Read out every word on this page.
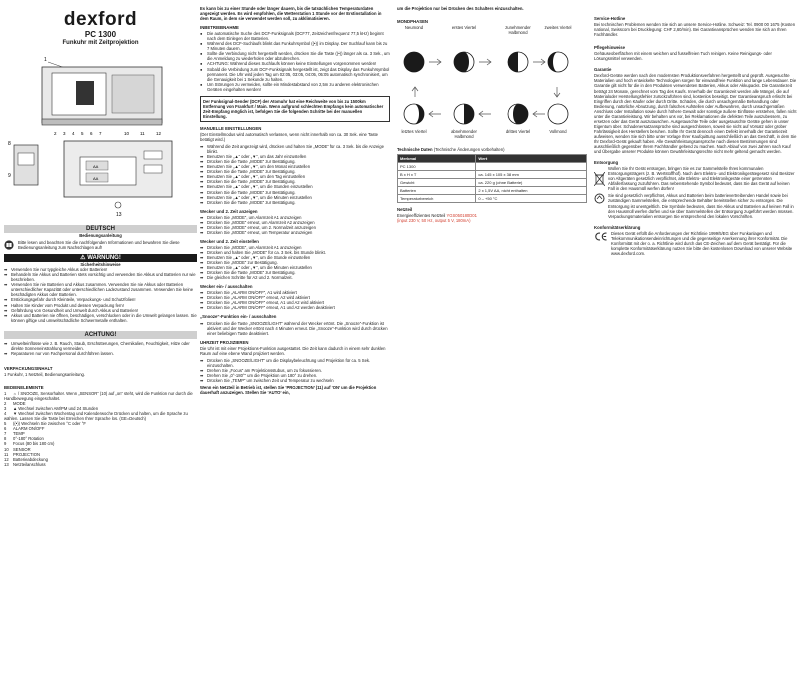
dexford
PC 1300
Funkuhr mit Zeitprojektion
1
2 3 4 5 6 7	10 11	12
8
9
AA
AA
13
DEUTSCH
Bedienungsanleitung
Bitte lesen und beachten Sie die nachfolgenden Informationen und bewahren Sie diese Bedienungsanleitung zum Nachschlagen auf!
⚠ WARNUNG!
Sicherheitshinweise
➡ Verwenden Sie nur typgleiche Akkus oder Batterien!
➡ Behandeln Sie Akkus und Batterien stets vorsichtig und verwenden Sie Akkus und Batterien nur wie beschrieben.
➡ Verwenden Sie nie Batterien und Akkus zusammen. Verwenden Sie nie Akkus oder Batterien unterschiedlicher Kapazität oder unterschiedlichen Ladezustand zusammen. Verwenden Sie keine beschädigten Akkus oder Batterien.
➡ Erstickungsgefahr durch Kleinteile, Verpackungs- und Schutzfolien!
➡ Halten Sie Kinder vom Produkt und dessen Verpackung fern!
➡ Gefährdung von Gesundheit und Umwelt durch Akkus und Batterien!
➡ Akkus und Batterien nie öffnen, beschädigen, verschlucken oder in die Umwelt gelangen lassen. Sie können giftige und umweltschädliche Schwermetalle enthalten.
ACHTUNG!
➡ Umwelteinflüsse wie z. B. Rauch, Staub, Erschütterungen, Chemikalien, Feuchtigkeit, Hitze oder direkte Sonneneinstrahlung vermeiden.
➡ Reparaturen nur von Fachpersonal durchführen lassen.
VERPACKUNGSINHALT
1 Funkuhr, 1 Netzteil, Bedienungsanleitung.
BEDIENELEMENTE
1 ☼ / SNOOZE, Sensorhalter. Wenn „SENSOR“ (10) auf „on“ steht, wird die Funktion nur durch die Handbewegung eingeschaltet.
2 MODE
3 ▲ Wechsel zwischen AM/PM und 24 Stunden
4 ▼ Wechsel zwischen Wochentag und Kalenderwoche Drücken und halten, um die Sprache zu wählen. Lassen Sie die Taste bei Erreichen Ihrer Sprache los. (GE=Deutsch)
5 ((•)) Wechseln Sie zwischen °C oder °F
6 ALARM ON/OFF
7 TEMP
8 0°-180° Rotation
9 Focus (80 bis 180 cm)
10 SENSOR
11 PROJECTION
12 Batterieabdeckung
13 Netzteilanschluss
Es kann bis zu einer Stunde oder länger dauern, bis die tatsächlichen Temperaturdaten angezeigt werden. Es wird empfohlen, die Wetterstation 1 Stunde vor der Erstinstallation in dem Raum, in dem sie verwendet werden soll, zu akklimatisieren.
INBETRIEBNAHME
● Die automatische Suche des DCF-Funksignals (DCF77, Zeitzeichenfrequenz 77,5 kHz) beginnt nach dem Einlegen der Batterien.
● Während des DCF-Suchlaufs blinkt das Funkuhrsymbol ((•)) im Display. Der Suchlauf kann bis zu 7 Minuten dauern.
● Sollte die Verbindung nicht hergestellt werden, drücken Sie die Taste ((•)) länger als ca. 3 Sek., um die Anmeldung zu wiederholen oder abzubrechen.
● ACHTUNG: Während dieses Suchlaufs können keine Einstellungen vorgenommen werden!
● Sobald die Verbindung zum DCF-Funksignals hergestellt ist, zeigt das Display das Funkuhrsymbol permanent. Die Uhr wird jeden Tag um 02:05, 03:05, 04:05, 05:05 automatisch synchronisiert, um die Genauigkeit bei 1 Sekunde zu halten.
● Um Störungen zu vermeiden, sollte ein Mindestabstand von 2,5m zu anderen elektronischen Geräten eingehalten werden!
Der Funksignal-Sender (DCF) der Atomuhr hat eine Reichweite von bis zu 1500km Entfernung von Frankfurt / Main. Wenn aufgrund schlechten Empfangs kein automatischer Zeit-Empfang möglich ist, befolgen Sie die folgenden Schritte bei der manuellen Einstellung.
MANUELLE EINSTELLUNGEN
(Der Einstellmodus wird automatisch verlassen, wenn nicht innerhalb von ca. 30 Sek. eine Taste betätigt wird.)
➡ Während die Zeit angezeigt wird, drücken und halten Sie „MODE“ für ca. 3 Sek. bis die Anzeige blinkt.
➡ Benutzen Sie „▲“ oder „▼“, um das Jahr einzustellen
➡ Drücken Sie die Taste „MODE“ zur Bestätigung.
➡ Benutzen Sie „▲“ oder „▼“, um den Monat einzustellen
➡ Drücken Sie die Taste „MODE“ zur Bestätigung.
➡ Benutzen Sie „▲“ oder „▼“, um den Tag einzustellen
➡ Drücken Sie die Taste „MODE“ zur Bestätigung.
➡ Benutzen Sie „▲“ oder „▼“, um die Stunden einzustellen
➡ Drücken Sie die Taste „MODE“ zur Bestätigung.
➡ Benutzen Sie „▲“ oder „▼“, um die Minuten einzustellen
➡ Drücken Sie die Taste „MODE“ zur Bestätigung.
Wecker und 2. Zeit anzeigen
➡ Drücken Sie „MODE“, um Alarmzeit A1 anzuzeigen
➡ Drücken Sie „MODE“ erneut, um Alarmzeit A2 anzuzeigen
➡ Drücken Sie „MODE“ erneut, um 2. Normalzeit anzuzeigen
➡ Drücken Sie „MODE“ erneut, um Temperatur anzuzeigen
Wecker und 2. Zeit einstellen
➡ Drücken Sie „MODE“, um Alarmzeit A1 anzuzeigen
➡ Drücken und halten Sie „MODE“ für ca. 3 Sek. bis Stunde blinkt.
➡ Benutzen Sie „▲“ oder „▼“, um die Stunde einzustellen
➡ Drücken Sie „MODE“ zur Bestätigung.
➡ Benutzen Sie „▲“ oder „▼“, um die Minuten einzustellen
➡ Drücken Sie die Taste „MODE“ zur Bestätigung.
➡ Die gleichen Schritte für A2 und 2. Normalzeit.
Wecker ein- / ausschalten
➡ Drücken Sie „ALARM ON/OFF“, A1 wird aktiviert
➡ Drücken Sie „ALARM ON/OFF“ erneut, A2 wird aktiviert
➡ Drücken Sie „ALARM ON/OFF“ erneut, A1 und A2 wird aktiviert
➡ Drücken Sie „ALARM ON/OFF“ erneut, A1 und A2 werden deaktiviert
„Snooze“-Funktion ein- / ausschalten
➡ Drücken Sie die Taste „SNOOZE/LIGHT“ während der Wecker ertönt. Die „Snooze“-Funktion ist aktiviert und der Wecker ertönt nach 4 Minuten erneut. Die „Snooze“-Funktion wird durch drücken einer beliebigen Taste deaktiviert.
UHRZEIT PROJIZIEREN
Die Uhr ist mit einer Projektions-Funktion ausgestattet. Die Zeit kann dadurch in einem sehr dunklen Raum auf eine ebene Wand projiziert werden.
➡ Drücken Sie „SNOOZE/LIGHT“ um die Displaybeleuchtung und Projektion für ca. 5 Sek. einzuschalten.
➡ Drehen Sie „Focus“ am Projektionsstubus, um zu fokussieren.
➡ Drehen Sie „0°-180°“ um die Projektion um 180° zu drehen.
➡ Drücken Sie „TEMP“ um zwischen Zeit und Temperatur zu wechseln
Wenn ein Netzteil in Betrieb ist, stellen Sie ‘PROJECTION’ (11) auf ‘ON’ um die Projektion dauerhaft anzuzeigen. Stellen Sie ‘AUTO’ ein,
um die Projektion nur bei Drücken des Schalters einzuschalten.
MONDPHASEN
Neumond	erstes Viertel	zunehmender Halbmond
zweites Viertel
letztes Viertel	abnehmender Halbmond
drittes Viertel	Vollmond
Technische Daten (Technische Änderungen vorbehalten)
Merkmal	Wert
PC 1300	
B x H x T	ca. 145 x 105 x 38 mm
Gewicht	ca. 220 g (ohne Batterie)
Batterien	2 x 1,5V AA, nicht enthalten
Temperaturbereich	0 – +50 °C
Netzteil
Energieeffizientes Netzteil YGS050180D01
(input 230 V, 50 Hz, output 5 V, 180mA)
Service-Hotline
Bei technischen Problemen wenden Sie sich an unsere Service-Hotline. Schweiz: Tel. 0900 00 1675 (Kosten national, Swisscom bei Drucklegung: CHF 2,60/min). Bei Garantieansprüchen wenden Sie sich an Ihren Fachhändler.
Pflegehinweise
Gehäuseoberflächen mit einem weichen und fusselfreien Tuch reinigen. Keine Reinigungs- oder Lösungsmittel verwenden.
Garantie
Dexford-Geräte werden nach den modernsten Produktionsverfahren hergestellt und geprüft. Ausgesuchte Materialien und hoch entwickelte Technologien sorgen für einwandfreie Funktion und lange Lebensdauer. Die Garantie gilt nicht für die in den Produkten verwendeten Batterien, Akkus oder Akkupacks. Die Garantiezeit beträgt 24 Monate, gerechnet vom Tag des Kaufs. Innerhalb der Garantiezeit werden alle Mängel, die auf Materialoder Herstellungsfehler zurückzuführen sind, kostenlos beseitigt. Der Garantieanspruch erlischt bei Eingriffen durch den Käufer oder durch Dritte. Schäden, die durch unsachgemäße Behandlung oder Bedienung, natürliche Abnutzung, durch falsches Aufstellen oder Aufbewahren, durch unsachgemäßen Anschluss oder Installation sowie durch höhere Gewalt oder sonstige äußere Einflüsse entstehen, fallen nicht unter die Garantieleistung. Wir behalten uns vor, bei Reklamationen die defekten Teile auszubessern, zu ersetzen oder das Gerät auszutauschen. Ausgetauschte Teile oder ausgetauschte Geräte gehen in unser Eigentum über. Schadenersatzansprüche sind ausgeschlossen, soweit sie nicht auf Vorsatz oder grober Fahrlässigkeit des Herstellers beruhen. Sollte Ihr Gerät dennoch einen Defekt innerhalb der Garantiezeit aufweisen, wenden Sie sich bitte unter Vorlage Ihrer Kaufquittung ausschließlich an das Geschäft, in dem Sie Ihr Dexford-Gerät gekauft haben. Alle Gewährleistungsansprüche nach diesen Bestimmungen sind ausschließlich gegenüber Ihrem Fachhändler geltend zu machen. Nach Ablauf von zwei Jahren nach Kauf und Übergabe unserer Produkte können Gewährleistungsrechte nicht mehr geltend gemacht werden.
Entsorgung
Wollen Sie Ihr Gerät entsorgen, bringen Sie es zur Sammelstelle Ihres kommunalen Entsorgungsträgers (z. B. Wertstoffhof). Nach dem Elektro- und Elektronikgerätegesetz sind Besitzer von Altgeräten gesetzlich verpflichtet, alte Elektro- und Elektronikgeräte einer getrennten Abfallerfassung zuzuführen. Das nebenstehende Symbol bedeutet, dass Sie das Gerät auf keinen Fall in den Hausmüll werfen dürfen!
Sie sind gesetzlich verpflichtet, Akkus und Batterien beim batterievertreibenden Handel sowie bei zuständigen Sammelstellen, die entsprechende Behälter bereitstellen sicher zu entsorgen. Die Entsorgung ist unentgeltlich. Die Symbole bedeuten, dass Sie Akkus und Batterien auf keinen Fall in den Hausmüll werfen dürfen und sie über Sammelstellen der Entsorgung zugeführt werden müssen. Verpackungsmaterialien entsorgen Sie entsprechend den lokalen Vorschriften.
Konformitätserklärung
Dieses Gerät erfüllt die Anforderungen der Richtlinie 1999/5/EG über Funkanlagen und Telekommunikationsendeinrichtungen und die gegenseitige Anerkennung ihrer Konformität. Die Konformität mit der o. a. Richtlinie wird durch das CE-Zeichen auf dem Gerät bestätigt. Für die komplette Konformitätserklärung nutzen Sie bitte den kostenlosen Download von unserer Website www.dexford.com.
